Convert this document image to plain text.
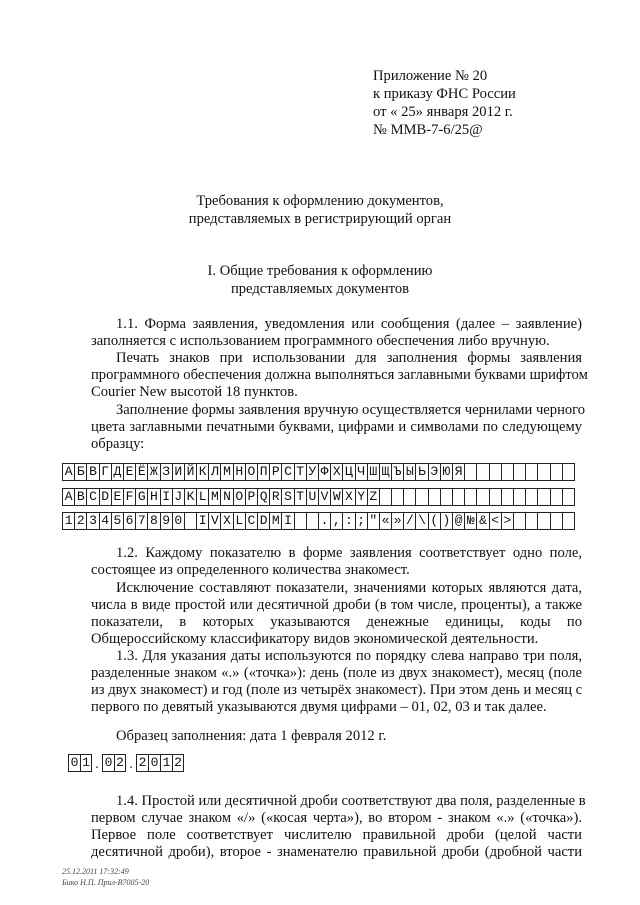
Приложение № 20
к приказу ФНС России
от « 25» января 2012 г.
№ ММВ-7-6/25@
Требования к оформлению документов,
представляемых в регистрирующий орган
I. Общие требования к оформлению
представляемых документов
1.1. Форма заявления, уведомления или сообщения (далее – заявление)
заполняется с использованием программного обеспечения либо вручную.
Печать знаков при использовании для заполнения формы заявления
программного обеспечения должна выполняться заглавными буквами шрифтом
Courier New высотой 18 пунктов.
Заполнение формы заявления вручную осуществляется чернилами черного
цвета заглавными печатными буквами, цифрами и символами по следующему
образцу:
А Б В Г Д Е Ё Ж З И Й К Л М Н О П Р С Т У Ф Х Ц Ч Ш Щ Ъ Ы Ь Э Ю Я
A B C D E F G H I J K L M N O P Q R S T U V W X Y Z
1 2 3 4 5 6 7 8 9 0 I V X L C D M I . , : ; " « » / \ ( ) @ № & < >
1.2. Каждому показателю в форме заявления соответствует одно поле,
состоящее из определенного количества знакомест.
Исключение составляют показатели, значениями которых являются дата,
числа в виде простой или десятичной дроби (в том числе, проценты), а также
показатели, в которых указываются денежные единицы, коды по
Общероссийскому классификатору видов экономической деятельности.
1.3. Для указания даты используются по порядку слева направо три поля,
разделенные знаком «.» («точка»): день (поле из двух знакомест), месяц (поле
из двух знакомест) и год (поле из четырёх знакомест). При этом день и месяц с
первого по девятый указываются двумя цифрами – 01, 02, 03 и так далее.
Образец заполнения: дата 1 февраля 2012 г.
0 1 . 0 2 . 2 0 1 2
1.4. Простой или десятичной дроби соответствуют два поля, разделенные в
первом случае знаком «/» («косая черта»), во втором - знаком «.» («точка»).
Первое поле соответствует числителю правильной дроби (целой части
десятичной дроби), второе - знаменателю правильной дроби (дробной части
25.12.2011 17:32:49
Бико Н.П. Прил-В7005-20
